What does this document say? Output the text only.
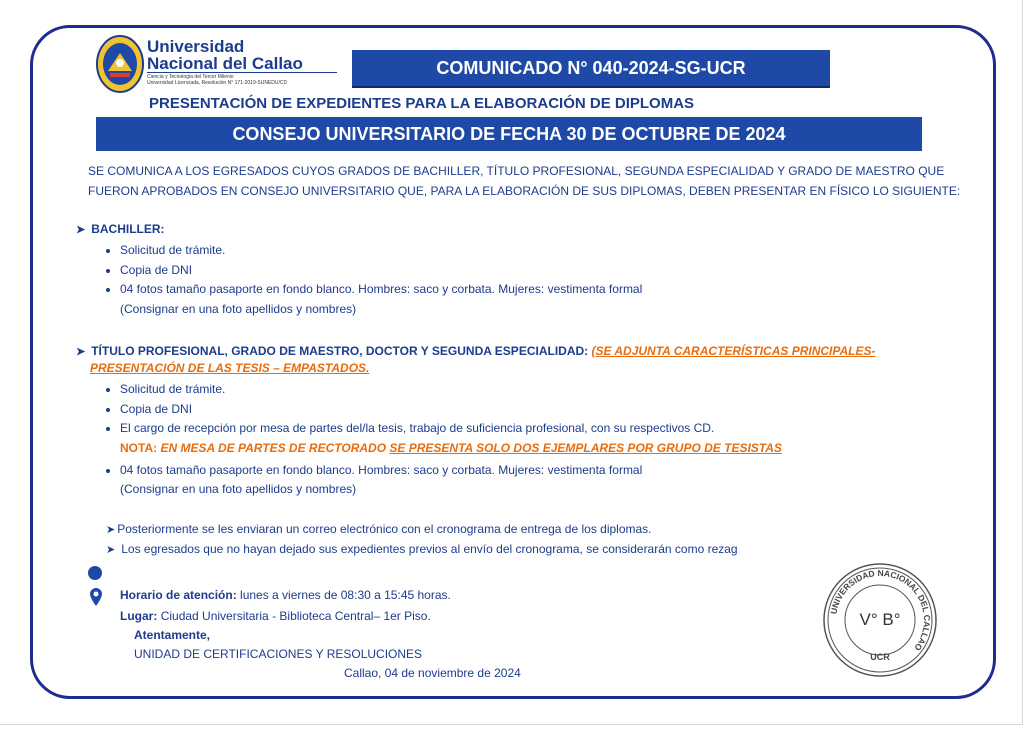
Universidad
Nacional del Callao
Ciencia y Tecnología del Tercer Milenio
Universidad Licenciada, Resolución N° 171-2019-SUNEDU/CD
COMUNICADO N° 040-2024-SG-UCR
PRESENTACIÓN DE EXPEDIENTES PARA LA ELABORACIÓN DE DIPLOMAS
CONSEJO UNIVERSITARIO DE FECHA 30 DE OCTUBRE DE 2024
SE COMUNICA A LOS EGRESADOS CUYOS GRADOS DE BACHILLER, TÍTULO PROFESIONAL, SEGUNDA ESPECIALIDAD Y GRADO DE MAESTRO QUE FUERON APROBADOS EN CONSEJO UNIVERSITARIO QUE, PARA LA ELABORACIÓN DE SUS DIPLOMAS, DEBEN PRESENTAR EN FÍSICO LO SIGUIENTE:
➤ BACHILLER:
Solicitud de trámite.
Copia de DNI
04 fotos tamaño pasaporte en fondo blanco. Hombres: saco y corbata. Mujeres: vestimenta formal
(Consignar en una foto apellidos y nombres)
➤ TÍTULO PROFESIONAL, GRADO DE MAESTRO, DOCTOR Y SEGUNDA ESPECIALIDAD: (SE ADJUNTA CARACTERÍSTICAS PRINCIPALES-
PRESENTACIÓN DE LAS TESIS – EMPASTADOS.
Solicitud de trámite.
Copia de DNI
El cargo de recepción por mesa de partes del/la tesis, trabajo de suficiencia profesional, con su respectivos CD.
NOTA: EN MESA DE PARTES DE RECTORADO SE PRESENTA SOLO DOS EJEMPLARES POR GRUPO DE TESISTAS
04 fotos tamaño pasaporte en fondo blanco. Hombres: saco y corbata. Mujeres: vestimenta formal
(Consignar en una foto apellidos y nombres)
➤ Posteriormente se les enviaran un correo electrónico con el cronograma de entrega de los diplomas.
➤ Los egresados que no hayan dejado sus expedientes previos al envío del cronograma, se considerarán como rezag
Horario de atención: lunes a viernes de 08:30 a 15:45 horas.
Lugar: Ciudad Universitaria - Biblioteca Central– 1er Piso.
Atentamente,
UNIDAD DE CERTIFICACIONES Y RESOLUCIONES
Callao, 04 de noviembre de 2024
UNIVERSIDAD NACIONAL DEL CALLAO
V° B°
UCR
